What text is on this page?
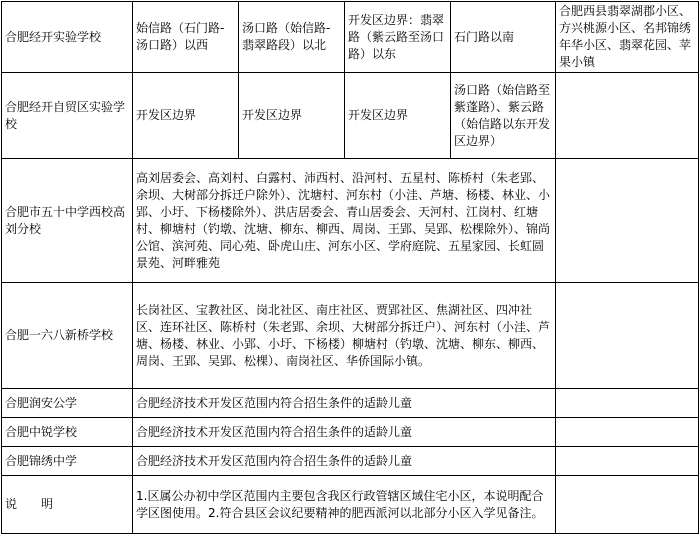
合肥经开实验学校	始信路（石门路-汤口路）以西	汤口路（始信路-翡翠路段）以北	开发区边界：翡翠路（紫云路至汤口路）以东	石门路以南	合肥西县翡翠湖郡小区、方兴桃源小区、名邦锦绣年华小区、翡翠花园、苹果小镇
合肥经开自贸区实验学校	开发区边界	开发区边界	开发区边界	汤口路（始信路至紫蓬路）、紫云路（始信路以东开发区边界）	
合肥市五十中学西校高刘分校	高刘居委会、高刘村、白露村、沛西村、沿河村、五星村、陈桥村（朱老郢、余坝、大树部分拆迁户除外）、沈塘村、河东村（小洼、芦塘、杨楼、林业、小郢、小圩、下杨楼除外）、洪店居委会、青山居委会、天河村、江岗村、红塘村、柳塘村（钓墩、沈塘、柳东、柳西、周岗、王郢、吴郢、松棵除外）、锦尚公馆、滨河苑、同心苑、卧虎山庄、河东小区、学府庭院、五星家园、长虹圆景苑、河畔雅苑				
合肥一六八新桥学校	长岗社区、宝教社区、岗北社区、南庄社区、贾郢社区、焦湖社区、四冲社区、连环社区、陈桥村（朱老郢、余坝、大树部分拆迁户）、河东村（小洼、芦塘、杨楼、林业、小郢、小圩、下杨楼）柳塘村（钓墩、沈塘、柳东、柳西、周岗、王郢、吴郢、松棵）、南岗社区、华侨国际小镇。				
合肥润安公学	合肥经济技术开发区范围内符合招生条件的适龄儿童				
合肥中锐学校	合肥经济技术开发区范围内符合招生条件的适龄儿童				
合肥锦绣中学	合肥经济技术开发区范围内符合招生条件的适龄儿童				
说　明	1.区属公办初中学区范围内主要包含我区行政管辖区域住宅小区，本说明配合学区图使用。2.符合县区会议纪要精神的肥西派河以北部分小区入学见备注。				
